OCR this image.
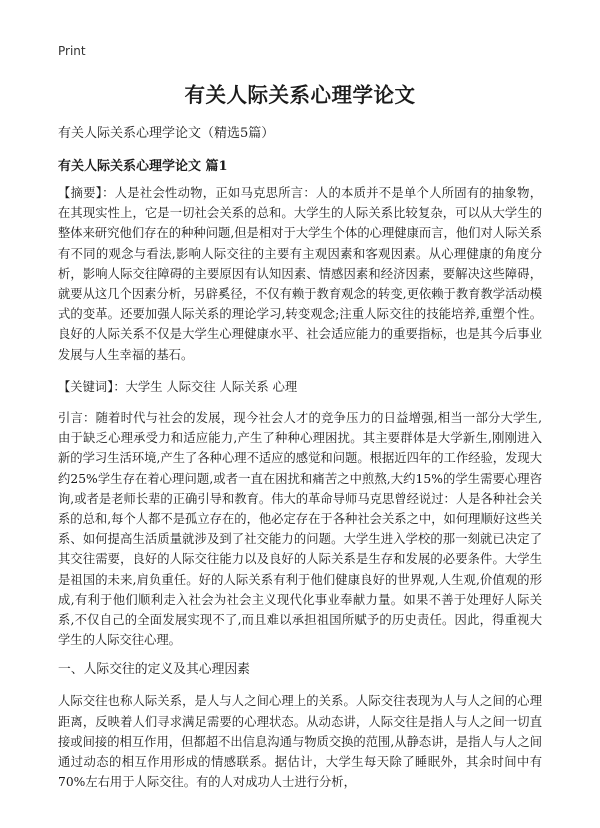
Print
有关人际关系心理学论文

有关人际关系心理学论文（精选5篇）

有关人际关系心理学论文 篇1

【摘要】：人是社会性动物，正如马克思所言：人的本质并不是单个人所固有的抽象物，在其现实性上，它是一切社会关系的总和。大学生的人际关系比较复杂，可以从大学生的整体来研究他们存在的种种问题,但是相对于大学生个体的心理健康而言，他们对人际关系有不同的观念与看法,影响人际交往的主要有主观因素和客观因素。从心理健康的角度分析，影响人际交往障碍的主要原因有认知因素、情感因素和经济因素，要解决这些障碍，就要从这几个因素分析，另辟奚径，不仅有赖于教育观念的转变,更依赖于教育教学活动模式的变革。还要加强人际关系的理论学习,转变观念;注重人际交往的技能培养,重塑个性。良好的人际关系不仅是大学生心理健康水平、社会适应能力的重要指标，也是其今后事业发展与人生幸福的基石。

【关键词】：大学生 人际交往 人际关系 心理

引言：随着时代与社会的发展，现今社会人才的竞争压力的日益增强,相当一部分大学生,由于缺乏心理承受力和适应能力,产生了种种心理困扰。其主要群体是大学新生,刚刚进入新的学习生活环境,产生了各种心理不适应的感觉和问题。根据近四年的工作经验，发现大约25%学生存在着心理问题,或者一直在困扰和痛苦之中煎熬,大约15%的学生需要心理咨询,或者是老师长辈的正确引导和教育。伟大的革命导师马克思曾经说过：人是各种社会关系的总和,每个人都不是孤立存在的，他必定存在于各种社会关系之中，如何理顺好这些关系、如何提高生活质量就涉及到了社交能力的问题。大学生进入学校的那一刻就已决定了其交往需要，良好的人际交往能力以及良好的人际关系是生存和发展的必要条件。大学生是祖国的未来,肩负重任。好的人际关系有利于他们健康良好的世界观,人生观,价值观的形成,有利于他们顺利走入社会为社会主义现代化事业奉献力量。如果不善于处理好人际关系,不仅自己的全面发展实现不了,而且难以承担祖国所赋予的历史责任。因此，得重视大学生的人际交往心理。

一、人际交往的定义及其心理因素

人际交往也称人际关系，是人与人之间心理上的关系。人际交往表现为人与人之间的心理距离，反映着人们寻求满足需要的心理状态。从动态讲，人际交往是指人与人之间一切直接或间接的相互作用，但都超不出信息沟通与物质交换的范围,从静态讲，是指人与人之间通过动态的相互作用形成的情感联系。据估计，大学生每天除了睡眠外，其余时间中有70%左右用于人际交往。有的人对成功人士进行分析，
